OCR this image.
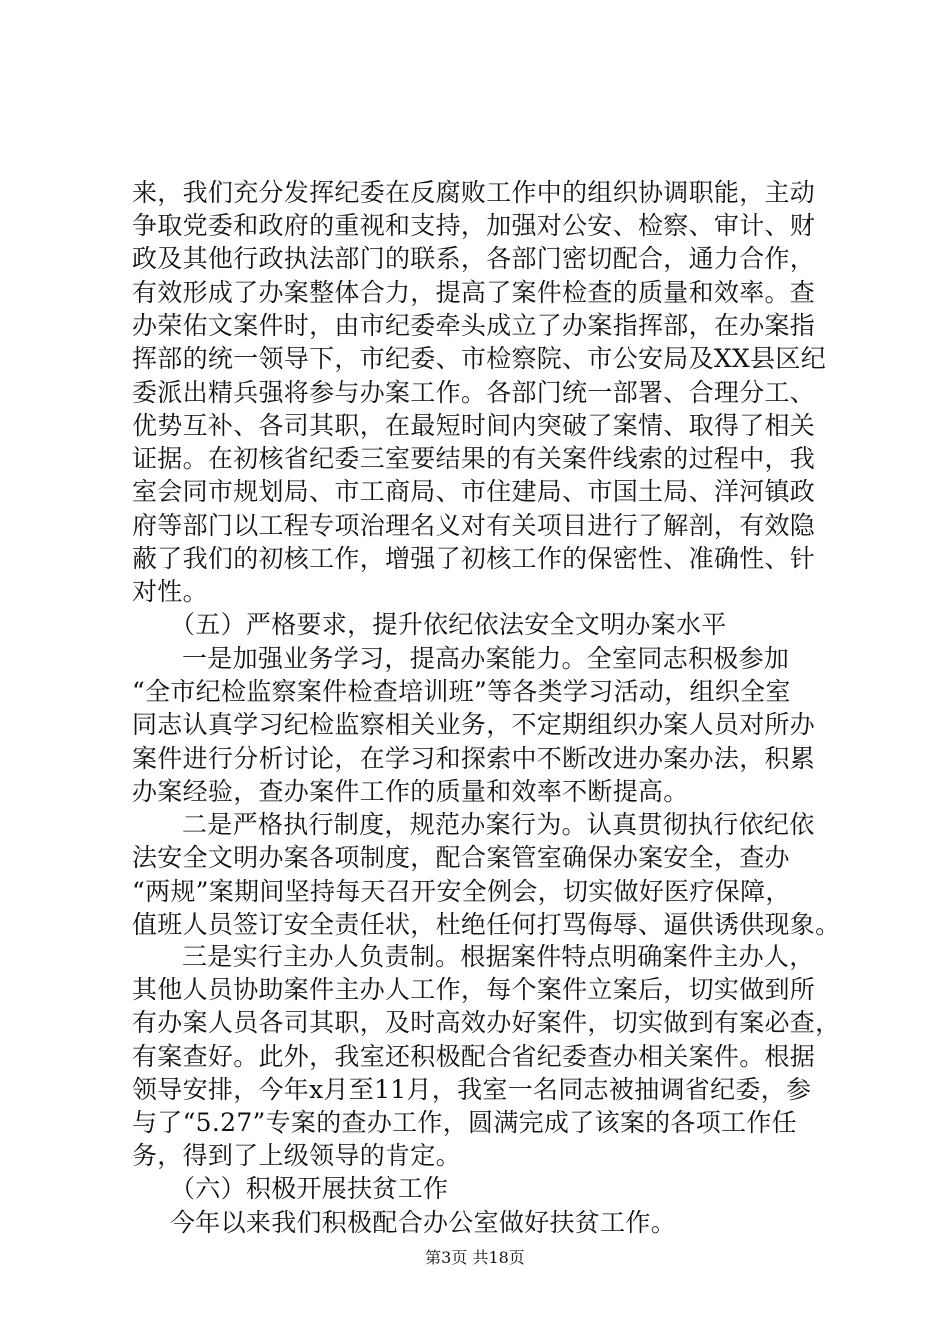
来，我们充分发挥纪委在反腐败工作中的组织协调职能，主动
争取党委和政府的重视和支持，加强对公安、检察、审计、财
政及其他行政执法部门的联系，各部门密切配合，通力合作，
有效形成了办案整体合力，提高了案件检查的质量和效率。查
办荣佑文案件时，由市纪委牵头成立了办案指挥部，在办案指
挥部的统一领导下，市纪委、市检察院、市公安局及XX县区纪
委派出精兵强将参与办案工作。各部门统一部署、合理分工、
优势互补、各司其职，在最短时间内突破了案情、取得了相关
证据。在初核省纪委三室要结果的有关案件线索的过程中，我
室会同市规划局、市工商局、市住建局、市国土局、洋河镇政
府等部门以工程专项治理名义对有关项目进行了解剖，有效隐
蔽了我们的初核工作，增强了初核工作的保密性、准确性、针
对性。
（五）严格要求，提升依纪依法安全文明办案水平
一是加强业务学习，提高办案能力。全室同志积极参加
“全市纪检监察案件检查培训班”等各类学习活动，组织全室
同志认真学习纪检监察相关业务，不定期组织办案人员对所办
案件进行分析讨论，在学习和探索中不断改进办案办法，积累
办案经验，查办案件工作的质量和效率不断提高。
二是严格执行制度，规范办案行为。认真贯彻执行依纪依
法安全文明办案各项制度，配合案管室确保办案安全，查办
“两规”案期间坚持每天召开安全例会，切实做好医疗保障，
值班人员签订安全责任状，杜绝任何打骂侮辱、逼供诱供现象。
三是实行主办人负责制。根据案件特点明确案件主办人，
其他人员协助案件主办人工作，每个案件立案后，切实做到所
有办案人员各司其职，及时高效办好案件，切实做到有案必查，
有案查好。此外，我室还积极配合省纪委查办相关案件。根据
领导安排，今年x月至11月，我室一名同志被抽调省纪委，参
与了“5.27”专案的查办工作，圆满完成了该案的各项工作任
务，得到了上级领导的肯定。
（六）积极开展扶贫工作
今年以来我们积极配合办公室做好扶贫工作。
第3页 共18页
